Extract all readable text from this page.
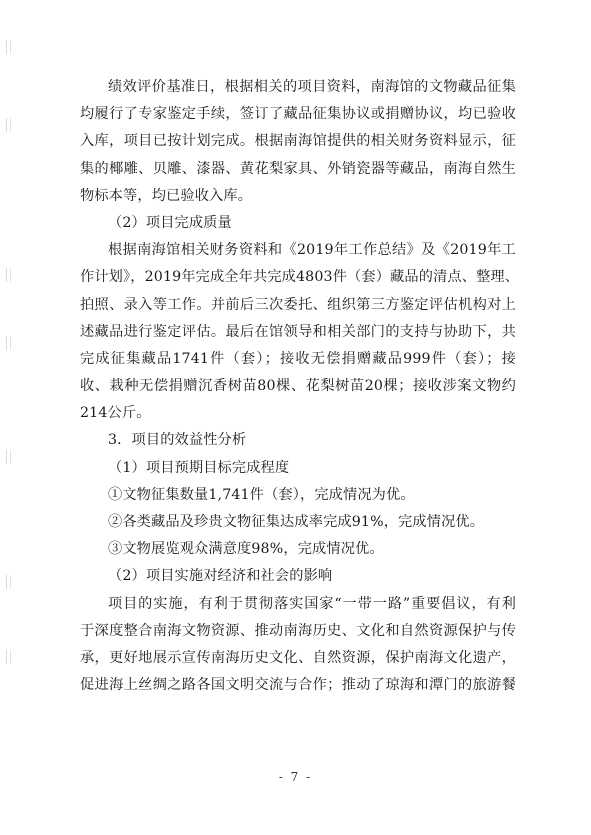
绩效评价基准日，根据相关的项目资料，南海馆的文物藏品征集
均履行了专家鉴定手续，签订了藏品征集协议或捐赠协议，均已验收
入库，项目已按计划完成。根据南海馆提供的相关财务资料显示，征
集的椰雕、贝雕、漆器、黄花梨家具、外销瓷器等藏品，南海自然生
物标本等，均已验收入库。
（2）项目完成质量
根据南海馆相关财务资料和《2019年工作总结》及《2019年工
作计划》，2019年完成全年共完成4803件（套）藏品的清点、整理、
拍照、录入等工作。并前后三次委托、组织第三方鉴定评估机构对上
述藏品进行鉴定评估。最后在馆领导和相关部门的支持与协助下，共
完成征集藏品1741件（套）；接收无偿捐赠藏品999件（套）；接
收、栽种无偿捐赠沉香树苗80棵、花梨树苗20棵；接收涉案文物约
214公斤。
3．项目的效益性分析
（1）项目预期目标完成程度
①文物征集数量1,741件（套），完成情况为优。
②各类藏品及珍贵文物征集达成率完成91%，完成情况优。
③文物展览观众满意度98%，完成情况优。
（2）项目实施对经济和社会的影响
项目的实施，有利于贯彻落实国家“一带一路”重要倡议，有利
于深度整合南海文物资源、推动南海历史、文化和自然资源保护与传
承，更好地展示宣传南海历史文化、自然资源，保护南海文化遗产，
促进海上丝绸之路各国文明交流与合作；推动了琼海和潭门的旅游餐
- 7 -
